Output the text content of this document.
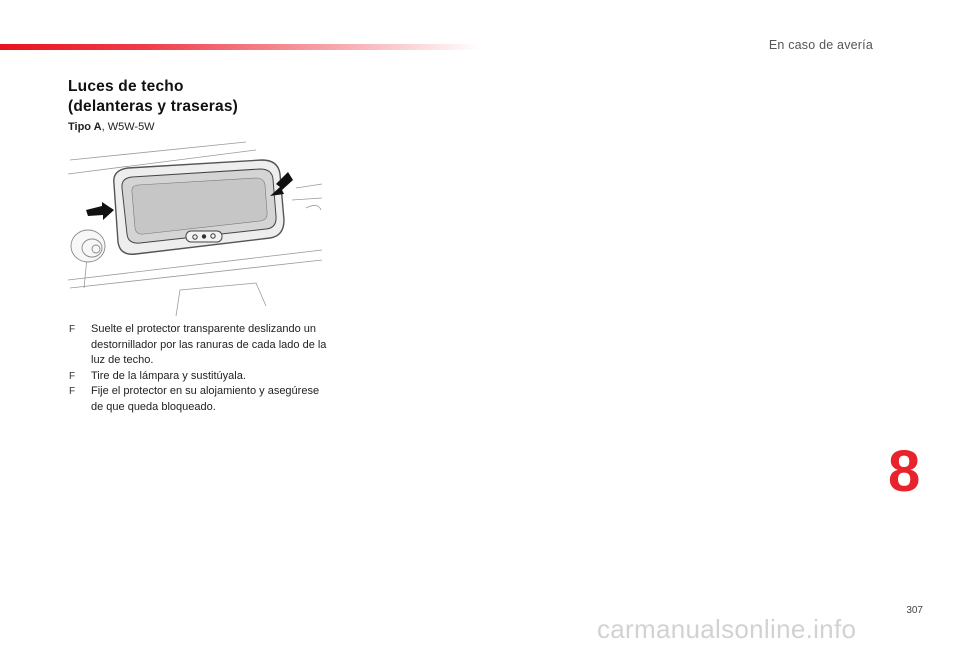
En caso de avería
Luces de techo
(delanteras y traseras)
Tipo A, W5W-5W
F Suelte el protector transparente deslizando un destornillador por las ranuras de cada lado de la luz de techo.
F Tire de la lámpara y sustitúyala.
F Fije el protector en su alojamiento y asegúrese de que queda bloqueado.
8
307
carmanualsonline.info
